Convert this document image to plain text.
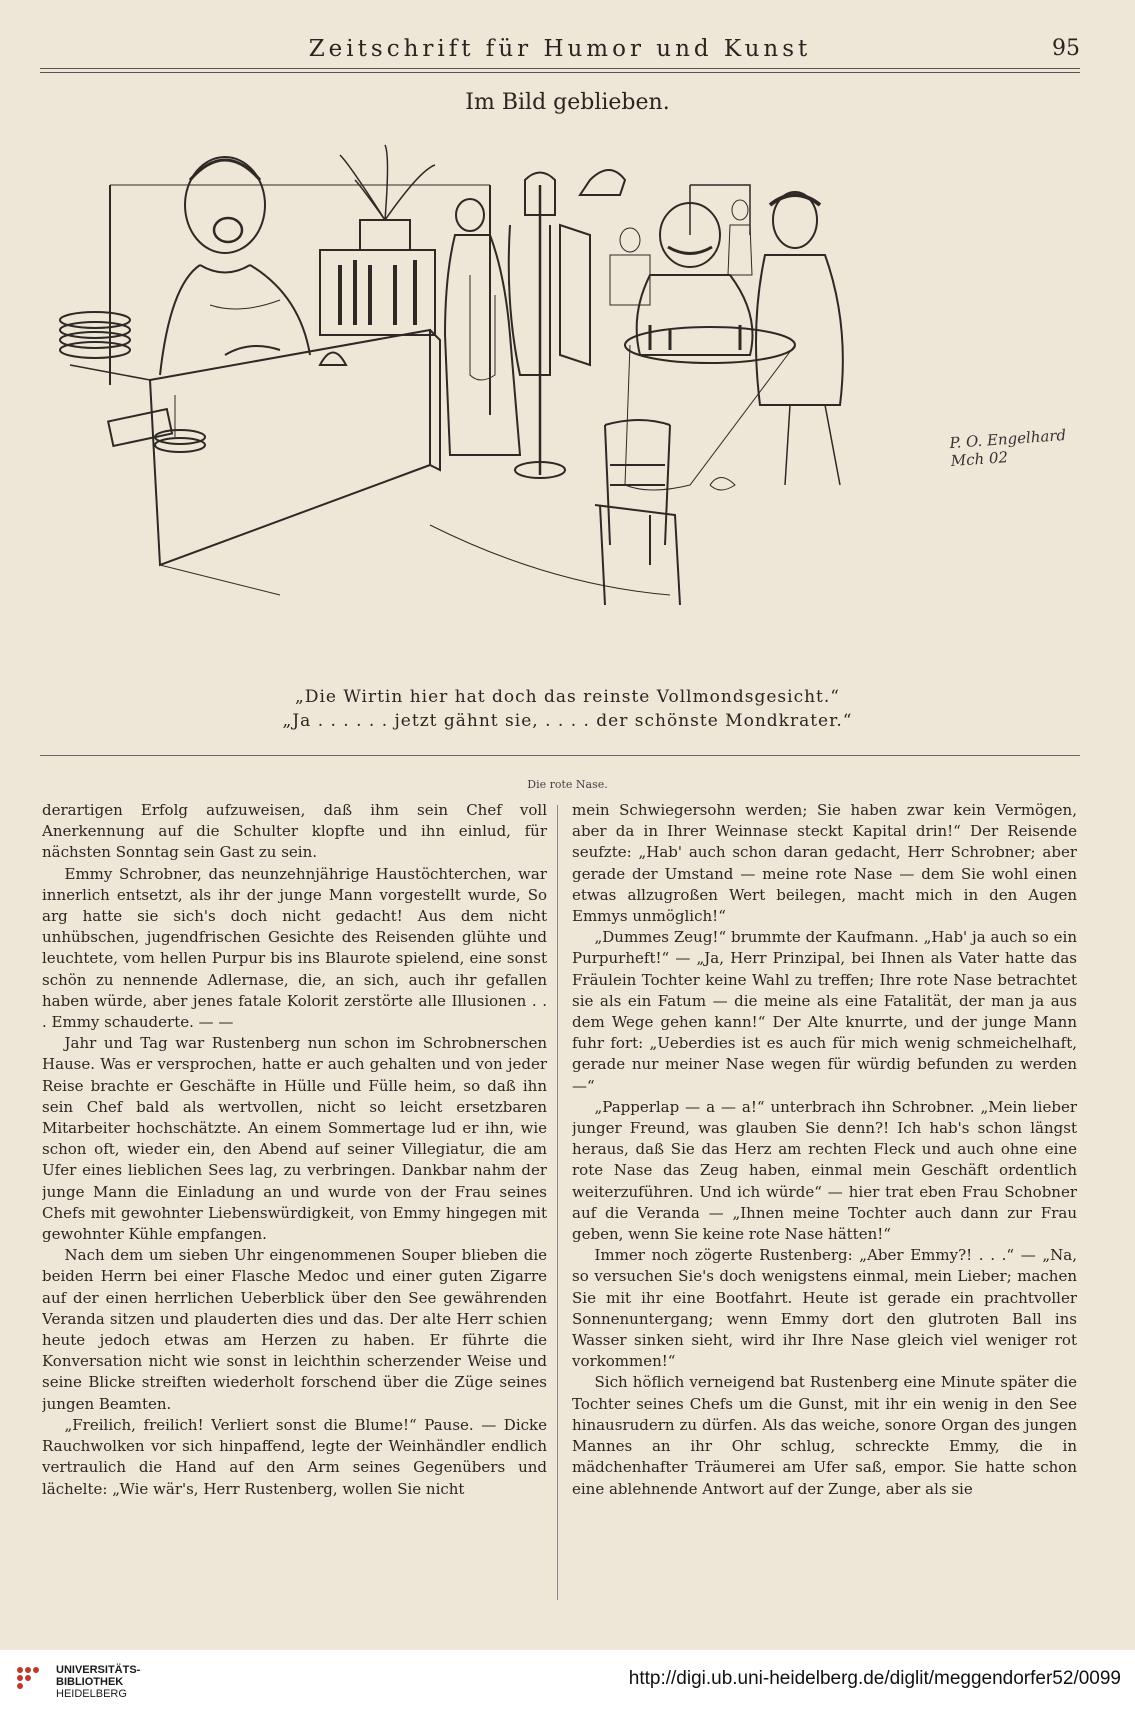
Zeitschrift für Humor und Kunst	95
Im Bild geblieben.
P. O. Engelhard
Mch 02
„Die Wirtin hier hat doch das reinste Vollmondsgesicht.“
„Ja . . . . . . jetzt gähnt sie, . . . . der schönste Mondkrater.“
Die rote Nase.

derartigen Erfolg aufzuweisen, daß ihm sein Chef voll Anerkennung auf die Schulter klopfte und ihn einlud, für nächsten Sonntag sein Gast zu sein.

Emmy Schrobner, das neunzehnjährige Haustöchterchen, war innerlich entsetzt, als ihr der junge Mann vorgestellt wurde, So arg hatte sie sich's doch nicht gedacht! Aus dem nicht unhübschen, jugendfrischen Gesichte des Reisenden glühte und leuchtete, vom hellen Purpur bis ins Blaurote spielend, eine sonst schön zu nennende Adlernase, die, an sich, auch ihr gefallen haben würde, aber jenes fatale Kolorit zerstörte alle Illusionen . . . Emmy schauderte. — —

Jahr und Tag war Rustenberg nun schon im Schrobnerschen Hause. Was er versprochen, hatte er auch gehalten und von jeder Reise brachte er Geschäfte in Hülle und Fülle heim, so daß ihn sein Chef bald als wertvollen, nicht so leicht ersetzbaren Mitarbeiter hochschätzte. An einem Sommertage lud er ihn, wie schon oft, wieder ein, den Abend auf seiner Villegiatur, die am Ufer eines lieblichen Sees lag, zu verbringen. Dankbar nahm der junge Mann die Einladung an und wurde von der Frau seines Chefs mit gewohnter Liebenswürdigkeit, von Emmy hingegen mit gewohnter Kühle empfangen.

Nach dem um sieben Uhr eingenommenen Souper blieben die beiden Herrn bei einer Flasche Medoc und einer guten Zigarre auf der einen herrlichen Ueberblick über den See gewährenden Veranda sitzen und plauderten dies und das. Der alte Herr schien heute jedoch etwas am Herzen zu haben. Er führte die Konversation nicht wie sonst in leichthin scherzender Weise und seine Blicke streiften wiederholt forschend über die Züge seines jungen Beamten.

„Freilich, freilich! Verliert sonst die Blume!“ Pause. — Dicke Rauchwolken vor sich hinpaffend, legte der Weinhändler endlich vertraulich die Hand auf den Arm seines Gegenübers und lächelte: „Wie wär's, Herr Rustenberg, wollen Sie nicht

mein Schwiegersohn werden; Sie haben zwar kein Vermögen, aber da in Ihrer Weinnase steckt Kapital drin!“ Der Reisende seufzte: „Hab' auch schon daran gedacht, Herr Schrobner; aber gerade der Umstand — meine rote Nase — dem Sie wohl einen etwas allzugroßen Wert beilegen, macht mich in den Augen Emmys unmöglich!“

„Dummes Zeug!“ brummte der Kaufmann. „Hab' ja auch so ein Purpurheft!“ — „Ja, Herr Prinzipal, bei Ihnen als Vater hatte das Fräulein Tochter keine Wahl zu treffen; Ihre rote Nase betrachtet sie als ein Fatum — die meine als eine Fatalität, der man ja aus dem Wege gehen kann!“ Der Alte knurrte, und der junge Mann fuhr fort: „Ueberdies ist es auch für mich wenig schmeichelhaft, gerade nur meiner Nase wegen für würdig befunden zu werden —“

„Papperlap — a — a!“ unterbrach ihn Schrobner. „Mein lieber junger Freund, was glauben Sie denn?! Ich hab's schon längst heraus, daß Sie das Herz am rechten Fleck und auch ohne eine rote Nase das Zeug haben, einmal mein Geschäft ordentlich weiterzuführen. Und ich würde“ — hier trat eben Frau Schobner auf die Veranda — „Ihnen meine Tochter auch dann zur Frau geben, wenn Sie keine rote Nase hätten!“

Immer noch zögerte Rustenberg: „Aber Emmy?! . . .“ — „Na, so versuchen Sie's doch wenigstens einmal, mein Lieber; machen Sie mit ihr eine Bootfahrt. Heute ist gerade ein prachtvoller Sonnenuntergang; wenn Emmy dort den glutroten Ball ins Wasser sinken sieht, wird ihr Ihre Nase gleich viel weniger rot vorkommen!“

Sich höflich verneigend bat Rustenberg eine Minute später die Tochter seines Chefs um die Gunst, mit ihr ein wenig in den See hinausrudern zu dürfen. Als das weiche, sonore Organ des jungen Mannes an ihr Ohr schlug, schreckte Emmy, die in mädchenhafter Träumerei am Ufer saß, empor. Sie hatte schon eine ablehnende Antwort auf der Zunge, aber als sie

UNIVERSITÄTS-
BIBLIOTHEK
HEIDELBERG
http://digi.ub.uni-heidelberg.de/diglit/meggendorfer52/0099
